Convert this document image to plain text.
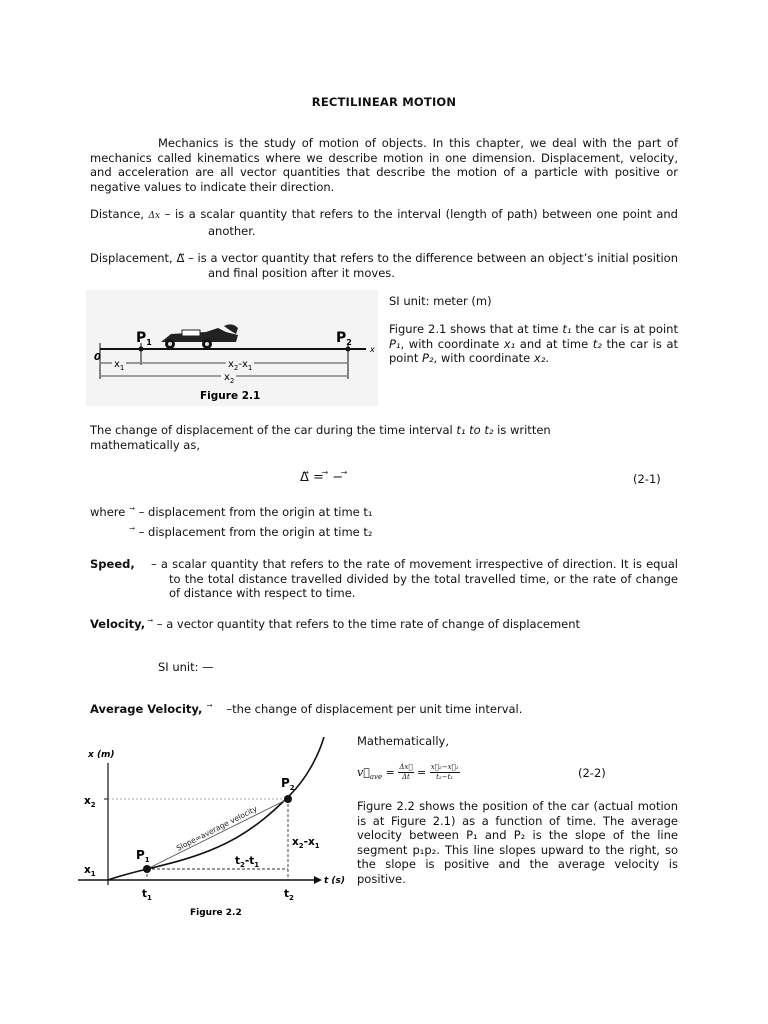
RECTILINEAR MOTION
Mechanics is the study of motion of objects. In this chapter, we deal with the part of mechanics called kinematics where we describe motion in one dimension. Displacement, velocity, and acceleration are all vector quantities that describe the motion of a particle with positive or negative values to indicate their direction.
Distance, Δx – is a scalar quantity that refers to the interval (length of path) between one point and another.
Displacement, Δ⃗ – is a vector quantity that refers to the difference between an object’s initial position and final position after it moves.
SI unit: meter (m)
$P_1$	$P_2$
0
x
$x_1$	$x_2-x_1$
$x_2$
Figure 2.1
Figure 2.1 shows that at time t₁ the car is at point P₁, with coordinate x₁ and at time t₂ the car is at point P₂, with coordinate x₂.
The change of displacement of the car during the time interval t₁ to t₂ is written mathematically as,
Δ⃗ = ⃗ − ⃗	(2-1)
where – displacement from the origin at time t₁
– displacement from the origin at time t₂
Speed, – a scalar quantity that refers to the rate of movement irrespective of direction. It is equal to the total distance travelled divided by the total travelled time, or the rate of change of distance with respect to time.
Velocity, – a vector quantity that refers to the time rate of change of displacement
SI unit: —
Average Velocity, –the change of displacement per unit time interval.
Mathematically,
v⃗ ave = $\frac{\Delta x⃗}{\Delta t} = \frac{\text{x⃗₂−x⃗₁}}{\text{t₂−t₁}}$	(2-2)
Figure 2.2 shows the position of the car (actual motion is at Figure 2.1) as a function of time. The average velocity between P₁ and P₂ is the slope of the line segment p₁p₂. This line slopes upward to the right, so the slope is positive and the average velocity is positive.
x (m)
t (s)
$x_2$
$x_1$
Slope=average velocity
$P_1$
$P_2$
$x_2-x_1$
$t_2-t_1$
$t_1$	$t_2$
Figure 2.2
